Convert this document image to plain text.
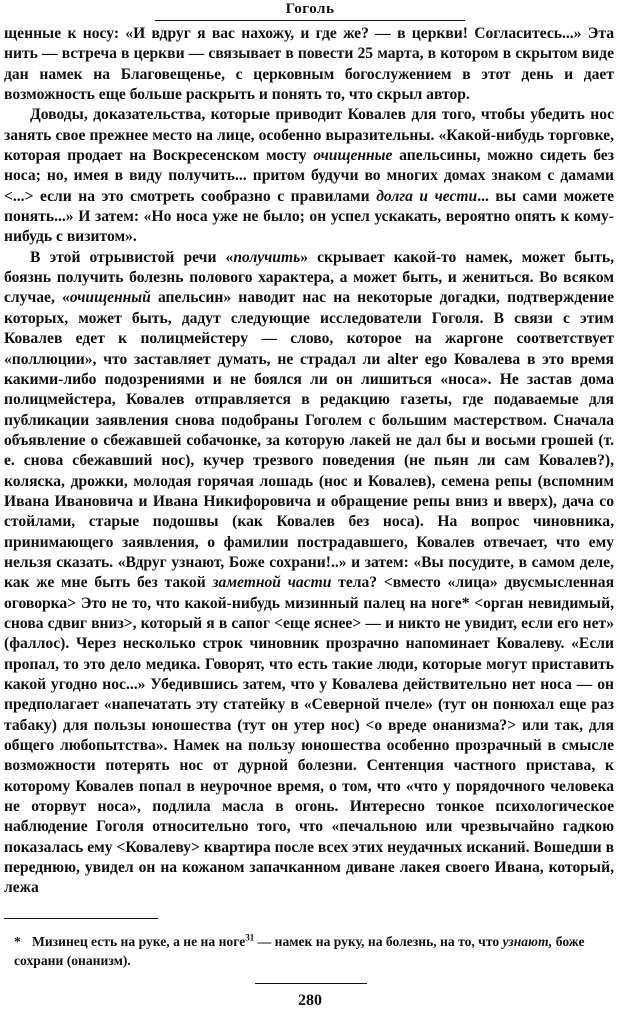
Гоголь

щенные к носу: «И вдруг я вас нахожу, и где же? — в церкви! Согласитесь...» Эта нить — встреча в церкви — связывает в повести 25 марта, в котором в скрытом виде дан намек на Благовещенье, с церковным богослужением в этот день и дает возможность еще больше раскрыть и понять то, что скрыл автор.

Доводы, доказательства, которые приводит Ковалев для того, чтобы убедить нос занять свое прежнее место на лице, особенно выразительны. «Какой-нибудь торговке, которая продает на Воскресенском мосту очищенные апельсины, можно сидеть без носа; но, имея в виду получить... притом будучи во многих домах знаком с дамами <...> если на это смотреть сообразно с правилами долга и чести... вы сами можете понять...» И затем: «Но носа уже не было; он успел ускакать, вероятно опять к кому-нибудь с визитом».

В этой отрывистой речи «получить» скрывает какой-то намек, может быть, боязнь получить болезнь полового характера, а может быть, и жениться. Во всяком случае, «очищенный апельсин» наводит нас на некоторые догадки, подтверждение которых, может быть, дадут следующие исследователи Гоголя. В связи с этим Ковалев едет к полицмейстеру — слово, которое на жаргоне соответствует «поллюции», что заставляет думать, не страдал ли alter ego Ковалева в это время какими-либо подозрениями и не боялся ли он лишиться «носа». Не застав дома полицмейстера, Ковалев отправляется в редакцию газеты, где подаваемые для публикации заявления снова подобраны Гоголем с большим мастерством. Сначала объявление о сбежавшей собачонке, за которую лакей не дал бы и восьми грошей (т. е. снова сбежавший нос), кучер трезвого поведения (не пьян ли сам Ковалев?), коляска, дрожки, молодая горячая лошадь (нос и Ковалев), семена репы (вспомним Ивана Ивановича и Ивана Никифоровича и обращение репы вниз и вверх), дача со стойлами, старые подошвы (как Ковалев без носа). На вопрос чиновника, принимающего заявления, о фамилии пострадавшего, Ковалев отвечает, что ему нельзя сказать. «Вдруг узнают, Боже сохрани!..» и затем: «Вы посудите, в самом деле, как же мне быть без такой заметной части тела? <вместо «лица» двусмысленная оговорка> Это не то, что какой-нибудь мизинный палец на ноге* <орган невидимый, снова сдвиг вниз>, который я в сапог <еще яснее> — и никто не увидит, если его нет» (фаллос). Через несколько строк чиновник прозрачно напоминает Ковалеву. «Если пропал, то это дело медика. Говорят, что есть такие люди, которые могут приставить какой угодно нос...» Убедившись затем, что у Ковалева действительно нет носа — он предполагает «напечатать эту статейку в «Северной пчеле» (тут он понюхал еще раз табаку) для пользы юношества (тут он утер нос) <о вреде онанизма?> или так, для общего любопытства». Намек на пользу юношества особенно прозрачный в смысле возможности потерять нос от дурной болезни. Сентенция частного пристава, к которому Ковалев попал в неурочное время, о том, что «что у порядочного человека не оторвут носа», подлила масла в огонь. Интересно тонкое психологическое наблюдение Гоголя относительно того, что «печальною или чрезвычайно гадкою показалась ему <Ковалеву> квартира после всех этих неудачных исканий. Вошедши в переднюю, увидел он на кожаном запачканном диване лакея своего Ивана, который, лежа

* Мизинец есть на руке, а не на ноге$^{31}$ — намек на руку, на болезнь, на то, что узнают, боже сохрани (онанизм).
280
